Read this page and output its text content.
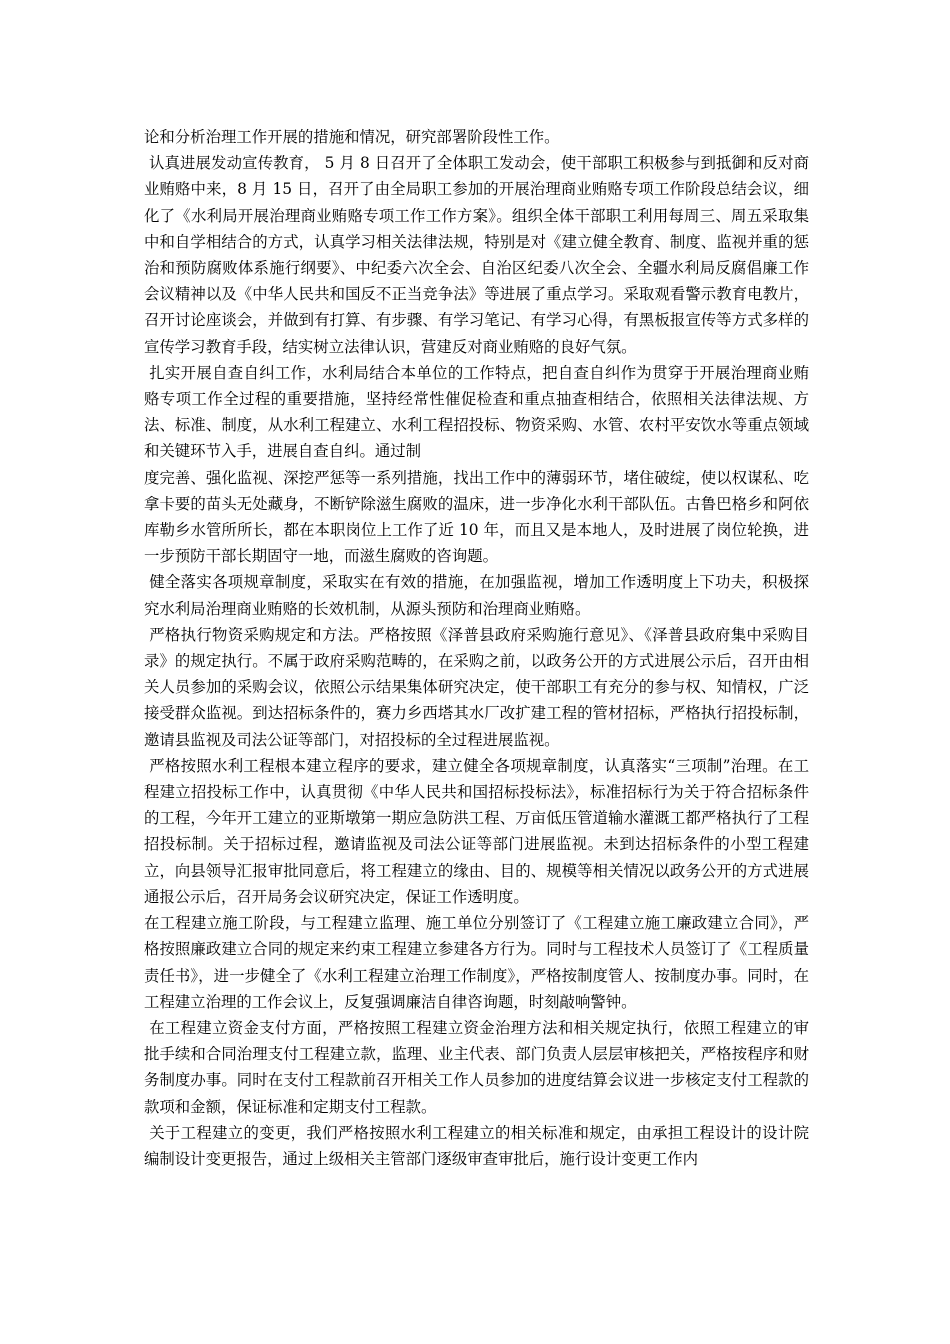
论和分析治理工作开展的措施和情况，研究部署阶段性工作。

认真进展发动宣传教育， 5 月 8 日召开了全体职工发动会，使干部职工积极参与到抵御和反对商业贿赂中来，8 月 15 日，召开了由全局职工参加的开展治理商业贿赂专项工作阶段总结会议，细化了《水利局开展治理商业贿赂专项工作工作方案》。组织全体干部职工利用每周三、周五采取集中和自学相结合的方式，认真学习相关法律法规，特别是对《建立健全教育、制度、监视并重的惩治和预防腐败体系施行纲要》、中纪委六次全会、自治区纪委八次全会、全疆水利局反腐倡廉工作会议精神以及《中华人民共和国反不正当竞争法》等进展了重点学习。采取观看警示教育电教片，召开讨论座谈会，并做到有打算、有步骤、有学习笔记、有学习心得，有黑板报宣传等方式多样的宣传学习教育手段，结实树立法律认识，营建反对商业贿赂的良好气氛。

扎实开展自查自纠工作，水利局结合本单位的工作特点，把自查自纠作为贯穿于开展治理商业贿赂专项工作全过程的重要措施，坚持经常性催促检查和重点抽查相结合，依照相关法律法规、方法、标准、制度，从水利工程建立、水利工程招投标、物资采购、水管、农村平安饮水等重点领域和关键环节入手，进展自查自纠。通过制

度完善、强化监视、深挖严惩等一系列措施，找出工作中的薄弱环节，堵住破绽，使以权谋私、吃拿卡要的苗头无处藏身，不断铲除滋生腐败的温床，进一步净化水利干部队伍。古鲁巴格乡和阿依库勒乡水管所所长，都在本职岗位上工作了近 10 年，而且又是本地人，及时进展了岗位轮换，进一步预防干部长期固守一地，而滋生腐败的咨询题。

健全落实各项规章制度，采取实在有效的措施，在加强监视，增加工作透明度上下功夫，积极探究水利局治理商业贿赂的长效机制，从源头预防和治理商业贿赂。

严格执行物资采购规定和方法。严格按照《泽普县政府采购施行意见》、《泽普县政府集中采购目录》的规定执行。不属于政府采购范畴的，在采购之前，以政务公开的方式进展公示后，召开由相关人员参加的采购会议，依照公示结果集体研究决定，使干部职工有充分的参与权、知情权，广泛接受群众监视。到达招标条件的，赛力乡西塔其水厂改扩建工程的管材招标，严格执行招投标制，邀请县监视及司法公证等部门，对招投标的全过程进展监视。

严格按照水利工程根本建立程序的要求，建立健全各项规章制度，认真落实“三项制”治理。在工程建立招投标工作中，认真贯彻《中华人民共和国招标投标法》，标准招标行为关于符合招标条件的工程，今年开工建立的亚斯墩第一期应急防洪工程、万亩低压管道输水灌溉工都严格执行了工程招投标制。关于招标过程，邀请监视及司法公证等部门进展监视。未到达招标条件的小型工程建立，向县领导汇报审批同意后，将工程建立的缘由、目的、规模等相关情况以政务公开的方式进展通报公示后，召开局务会议研究决定，保证工作透明度。

在工程建立施工阶段，与工程建立监理、施工单位分别签订了《工程建立施工廉政建立合同》，严格按照廉政建立合同的规定来约束工程建立参建各方行为。同时与工程技术人员签订了《工程质量责任书》，进一步健全了《水利工程建立治理工作制度》，严格按制度管人、按制度办事。同时，在工程建立治理的工作会议上，反复强调廉洁自律咨询题，时刻敲响警钟。

在工程建立资金支付方面，严格按照工程建立资金治理方法和相关规定执行，依照工程建立的审批手续和合同治理支付工程建立款，监理、业主代表、部门负责人层层审核把关，严格按程序和财务制度办事。同时在支付工程款前召开相关工作人员参加的进度结算会议进一步核定支付工程款的款项和金额，保证标准和定期支付工程款。

关于工程建立的变更，我们严格按照水利工程建立的相关标准和规定，由承担工程设计的设计院编制设计变更报告，通过上级相关主管部门逐级审查审批后，施行设计变更工作内
